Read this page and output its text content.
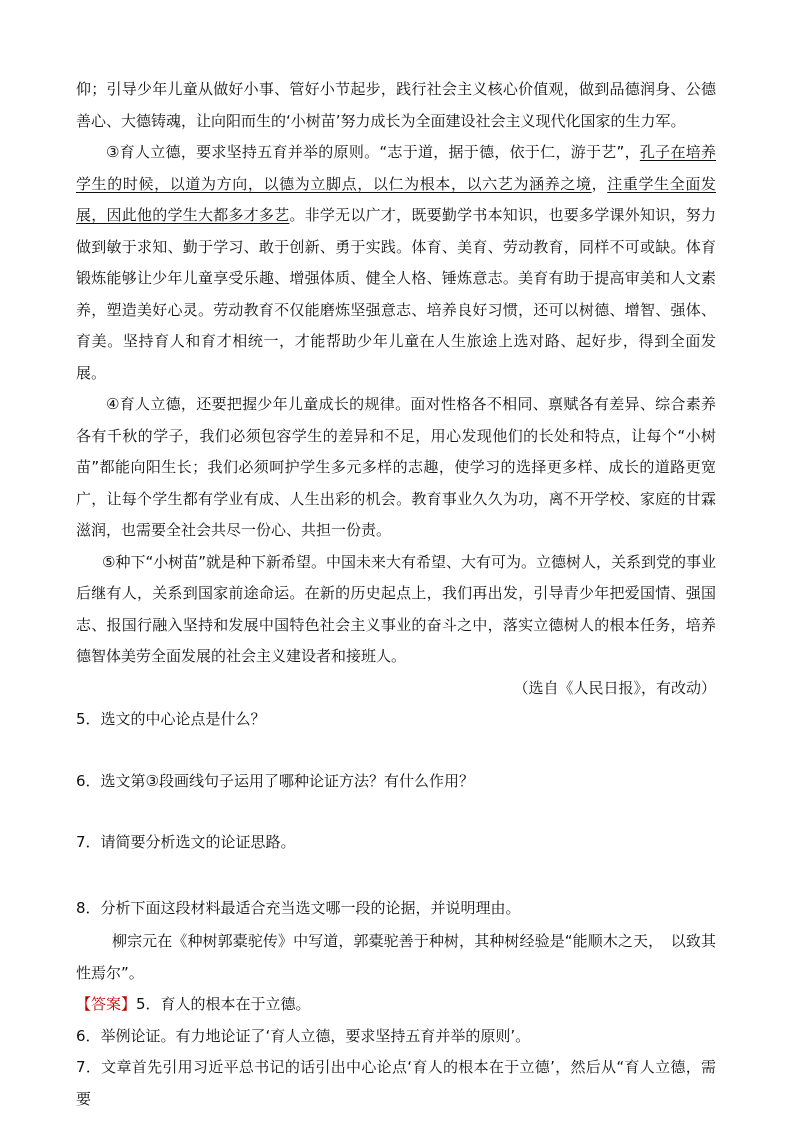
仰；引导少年儿童从做好小事、管好小节起步，践行社会主义核心价值观，做到品德润身、公德善心、大德铸魂，让向阳而生的‘小树苗’努力成长为全面建设社会主义现代化国家的生力军。

③育人立德，要求坚持五育并举的原则。“志于道，据于德，依于仁，游于艺”，孔子在培养学生的时候，以道为方向，以德为立脚点，以仁为根本，以六艺为涵养之境，注重学生全面发展，因此他的学生大都多才多艺。非学无以广才，既要勤学书本知识，也要多学课外知识，努力做到敏于求知、勤于学习、敢于创新、勇于实践。体育、美育、劳动教育，同样不可或缺。体育锻炼能够让少年儿童享受乐趣、增强体质、健全人格、锤炼意志。美育有助于提高审美和人文素养，塑造美好心灵。劳动教育不仅能磨炼坚强意志、培养良好习惯，还可以树德、增智、强体、育美。坚持育人和育才相统一，才能帮助少年儿童在人生旅途上选对路、起好步，得到全面发展。

④育人立德，还要把握少年儿童成长的规律。面对性格各不相同、禀赋各有差异、综合素养各有千秋的学子，我们必须包容学生的差异和不足，用心发现他们的长处和特点，让每个“小树苗”都能向阳生长；我们必须呵护学生多元多样的志趣，使学习的选择更多样、成长的道路更宽广，让每个学生都有学业有成、人生出彩的机会。教育事业久久为功，离不开学校、家庭的甘霖滋润，也需要全社会共尽一份心、共担一份责。

⑤种下“小树苗”就是种下新希望。中国未来大有希望、大有可为。立德树人，关系到党的事业后继有人，关系到国家前途命运。在新的历史起点上，我们再出发，引导青少年把爱国情、强国志、报国行融入坚持和发展中国特色社会主义事业的奋斗之中，落实立德树人的根本任务，培养德智体美劳全面发展的社会主义建设者和接班人。

（选自《人民日报》，有改动）

5．选文的中心论点是什么？

6．选文第③段画线句子运用了哪种论证方法？有什么作用？

7．请简要分析选文的论证思路。

8．分析下面这段材料最适合充当选文哪一段的论据，并说明理由。

柳宗元在《种树郭橐驼传》中写道，郭橐驼善于种树，其种树经验是“能顺木之天，　以致其性焉尔”。

【答案】5．育人的根本在于立德。

6．举例论证。有力地论证了‘育人立德，要求坚持五育并举的原则’。

7．文章首先引用习近平总书记的话引出中心论点‘育人的根本在于立德’，然后从“育人立德，需要
